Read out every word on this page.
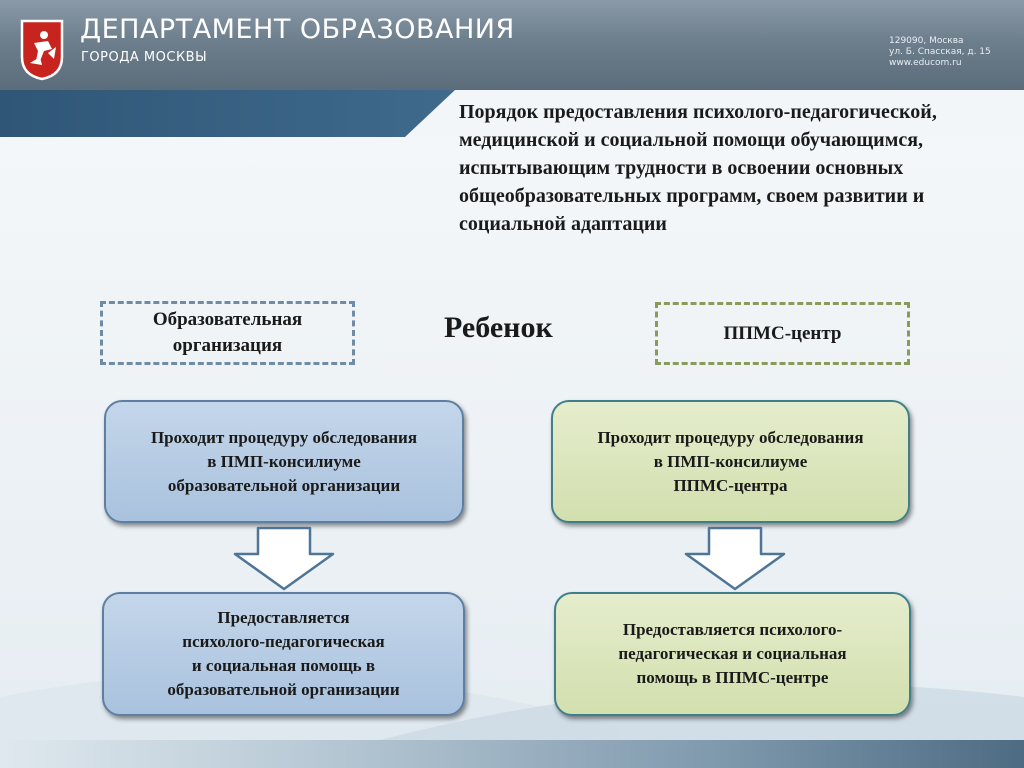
ДЕПАРТАМЕНТ ОБРАЗОВАНИЯ
ГОРОДА МОСКВЫ
129090, Москва
ул. Б. Спасская, д. 15
www.educom.ru
Порядок предоставления психолого-педагогической,
медицинской и социальной помощи обучающимся,
испытывающим трудности в освоении основных
общеобразовательных программ, своем развитии и
социальной адаптации
Образовательная
организация
Ребенок	ППМС-центр
Проходит процедуру обследования
в ПМП-консилиуме
образовательной организации
Проходит процедуру обследования
в ПМП-консилиуме
ППМС-центра
Предоставляется
психолого-педагогическая
и социальная помощь в
образовательной организации
Предоставляется психолого-
педагогическая и социальная
помощь в ППМС-центре
